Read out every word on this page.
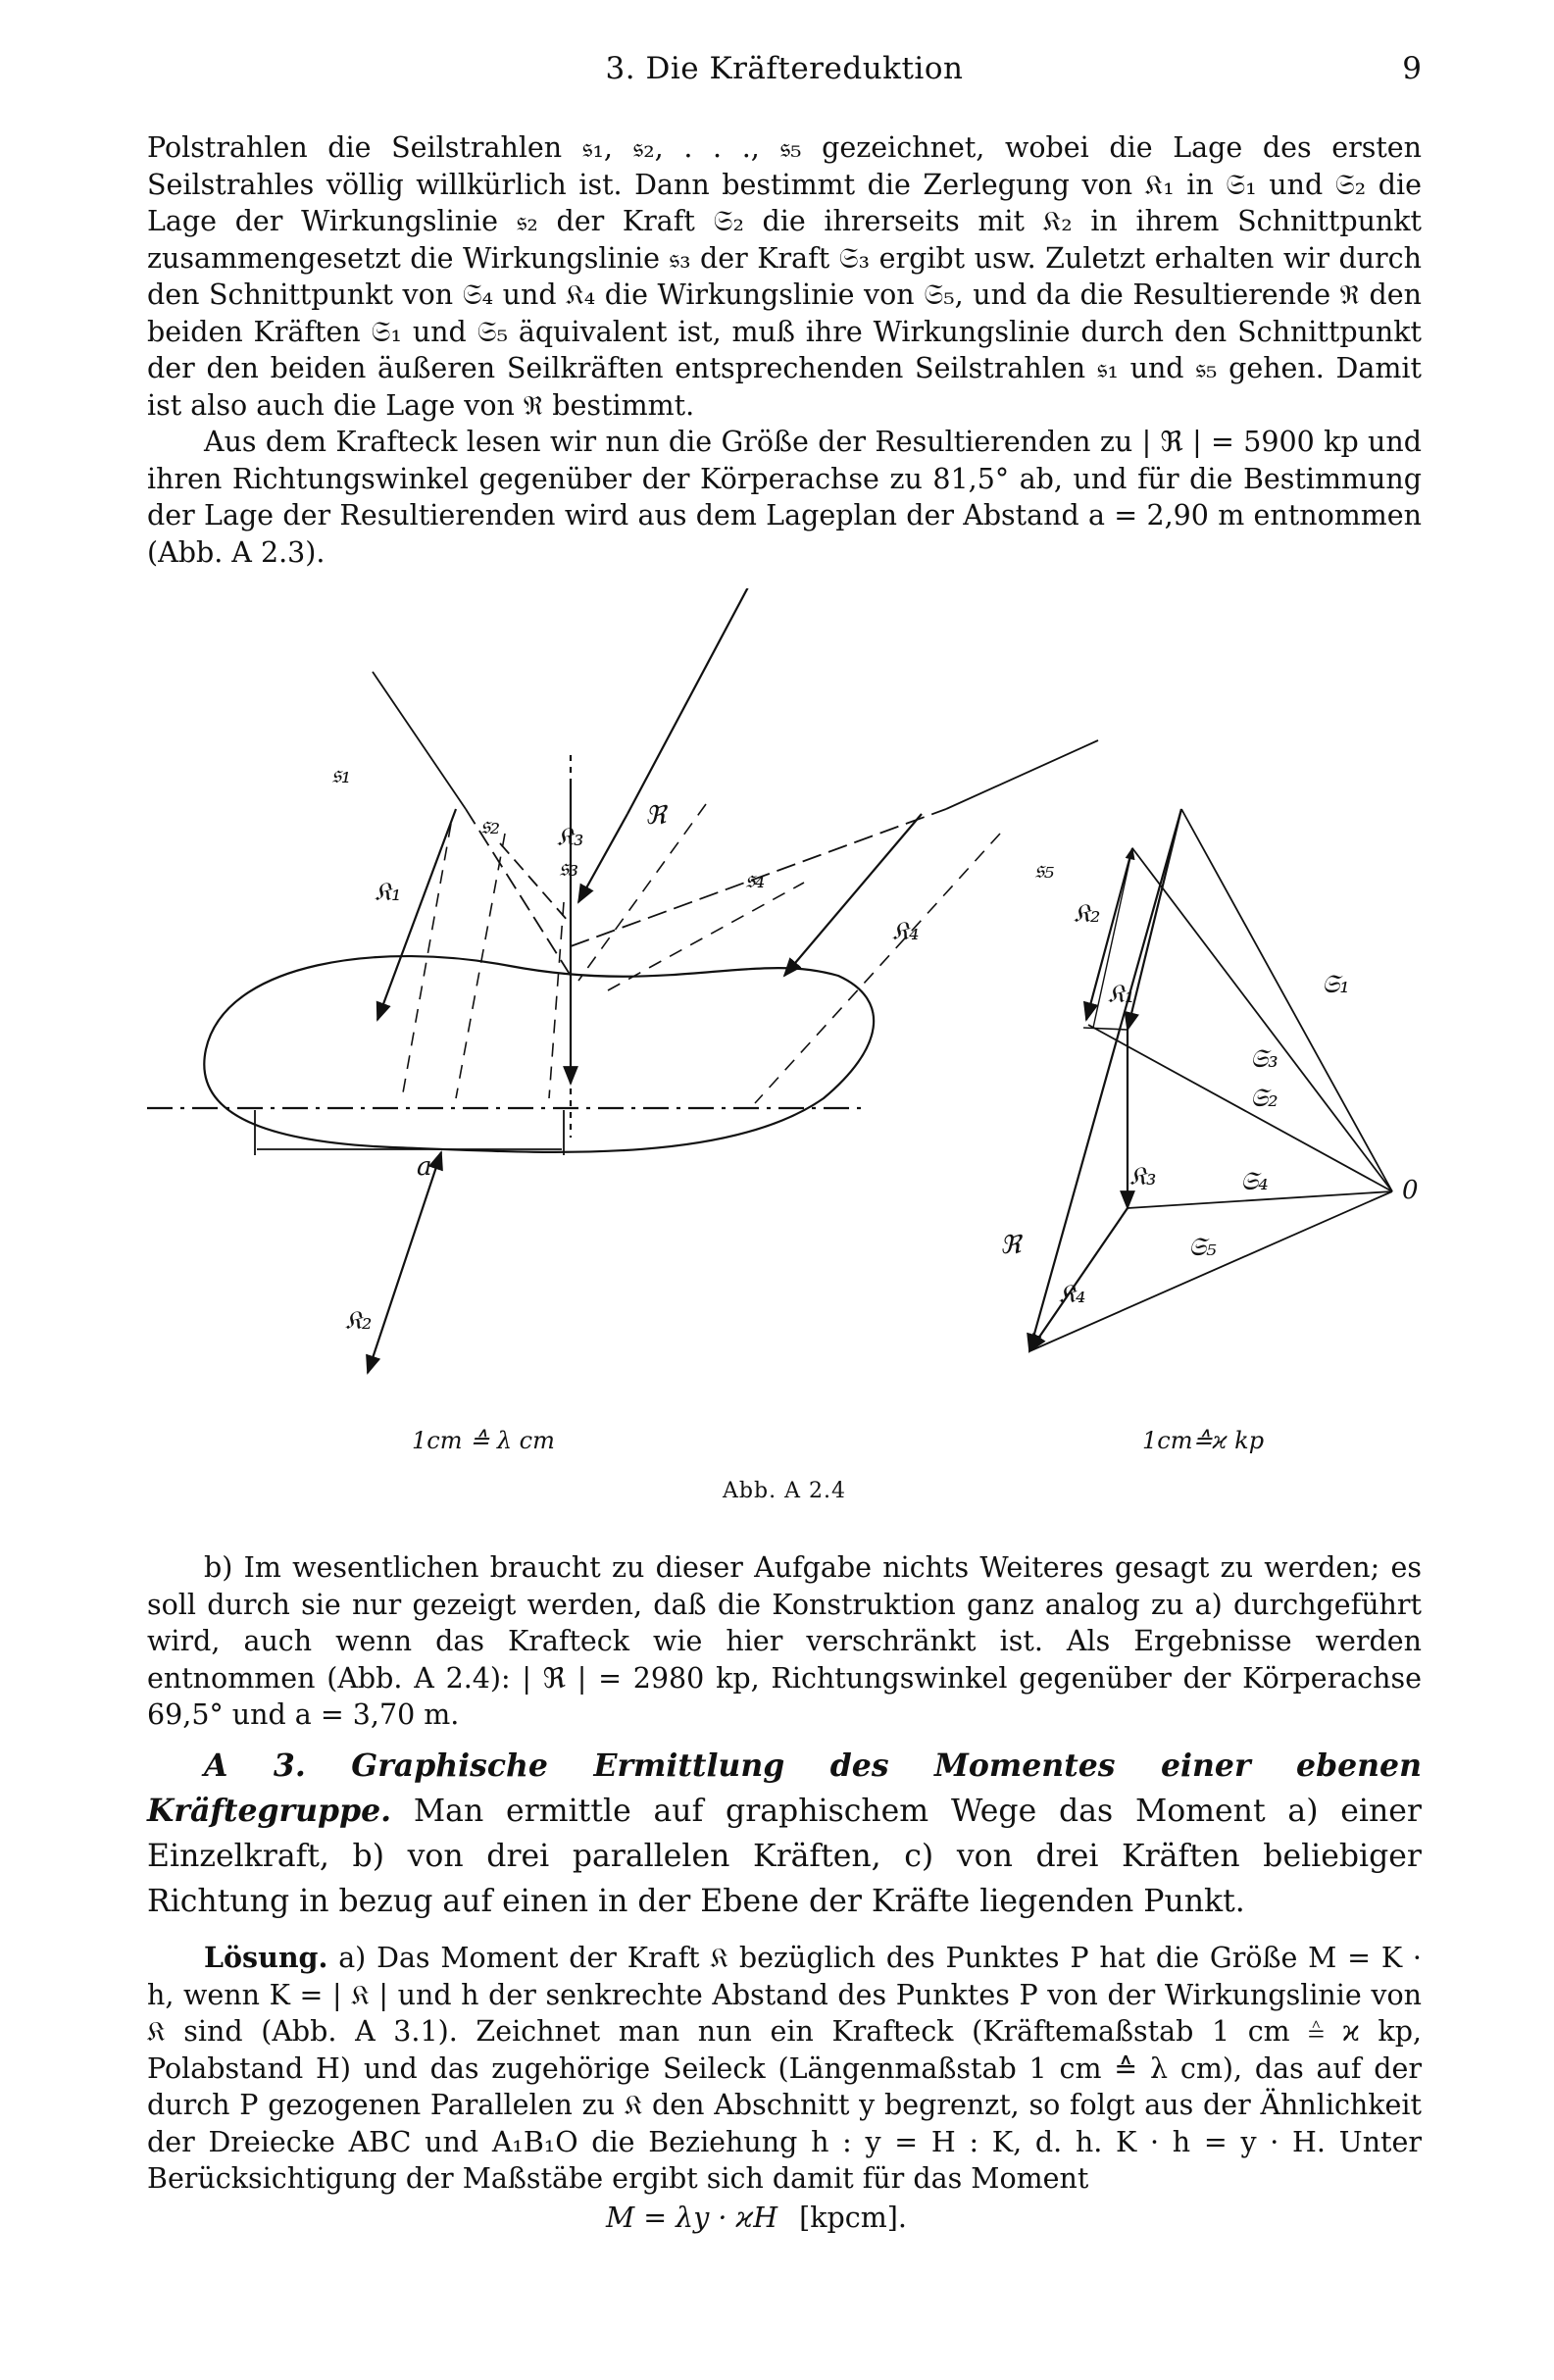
3. Die Kräftereduktion	9

Polstrahlen die Seilstrahlen 𝔰₁, 𝔰₂, . . ., 𝔰₅ gezeichnet, wobei die Lage des ersten Seilstrahles völlig willkürlich ist. Dann bestimmt die Zerlegung von 𝔎₁ in 𝔖₁ und 𝔖₂ die Lage der Wirkungslinie 𝔰₂ der Kraft 𝔖₂ die ihrerseits mit 𝔎₂ in ihrem Schnittpunkt zusammengesetzt die Wirkungslinie 𝔰₃ der Kraft 𝔖₃ ergibt usw. Zuletzt erhalten wir durch den Schnittpunkt von 𝔖₄ und 𝔎₄ die Wirkungslinie von 𝔖₅, und da die Resultierende ℜ den beiden Kräften 𝔖₁ und 𝔖₅ äquivalent ist, muß ihre Wirkungslinie durch den Schnittpunkt der den beiden äußeren Seilkräften entsprechenden Seilstrahlen 𝔰₁ und 𝔰₅ gehen. Damit ist also auch die Lage von ℜ bestimmt.

Aus dem Krafteck lesen wir nun die Größe der Resultierenden zu | ℜ | = 5900 kp und ihren Richtungswinkel gegenüber der Körperachse zu 81,5° ab, und für die Bestimmung der Lage der Resultierenden wird aus dem Lageplan der Abstand a = 2,90 m entnommen (Abb. A 2.3).

𝔰₁
𝔰₂
𝔰₃	𝔰₄	𝔰₅
𝔎₁
𝔎₂
𝔎₃
𝔎₄
ℜ
a
𝔖₁
𝔖₃
𝔖₂
𝔖₄
𝔖₅
0
𝔎₂
𝔎₃
𝔎₄
ℜ
𝔎₁
1cm ≙ λ cm	1cm≙ϰ kp
Abb. A 2.4

b) Im wesentlichen braucht zu dieser Aufgabe nichts Weiteres gesagt zu werden; es soll durch sie nur gezeigt werden, daß die Konstruktion ganz analog zu a) durchgeführt wird, auch wenn das Krafteck wie hier verschränkt ist. Als Ergebnisse werden entnommen (Abb. A 2.4): | ℜ | = 2980 kp, Richtungswinkel gegenüber der Körperachse 69,5° und a = 3,70 m.

A 3. Graphische Ermittlung des Momentes einer ebenen Kräftegruppe. Man ermittle auf graphischem Wege das Moment a) einer Einzelkraft, b) von drei parallelen Kräften, c) von drei Kräften beliebiger Richtung in bezug auf einen in der Ebene der Kräfte liegenden Punkt.

Lösung. a) Das Moment der Kraft 𝔎 bezüglich des Punktes P hat die Größe M = K · h, wenn K = | 𝔎 | und h der senkrechte Abstand des Punktes P von der Wirkungslinie von 𝔎 sind (Abb. A 3.1). Zeichnet man nun ein Krafteck (Kräftemaßstab 1 cm ≙ ϰ kp, Polabstand H) und das zugehörige Seileck (Längenmaßstab 1 cm ≙ λ cm), das auf der durch P gezogenen Parallelen zu 𝔎 den Abschnitt y begrenzt, so folgt aus der Ähnlichkeit der Dreiecke ABC und A₁B₁O die Beziehung h : y = H : K, d. h. K · h = y · H. Unter Berücksichtigung der Maßstäbe ergibt sich damit für das Moment

M = λy · ϰH [kpcm].
